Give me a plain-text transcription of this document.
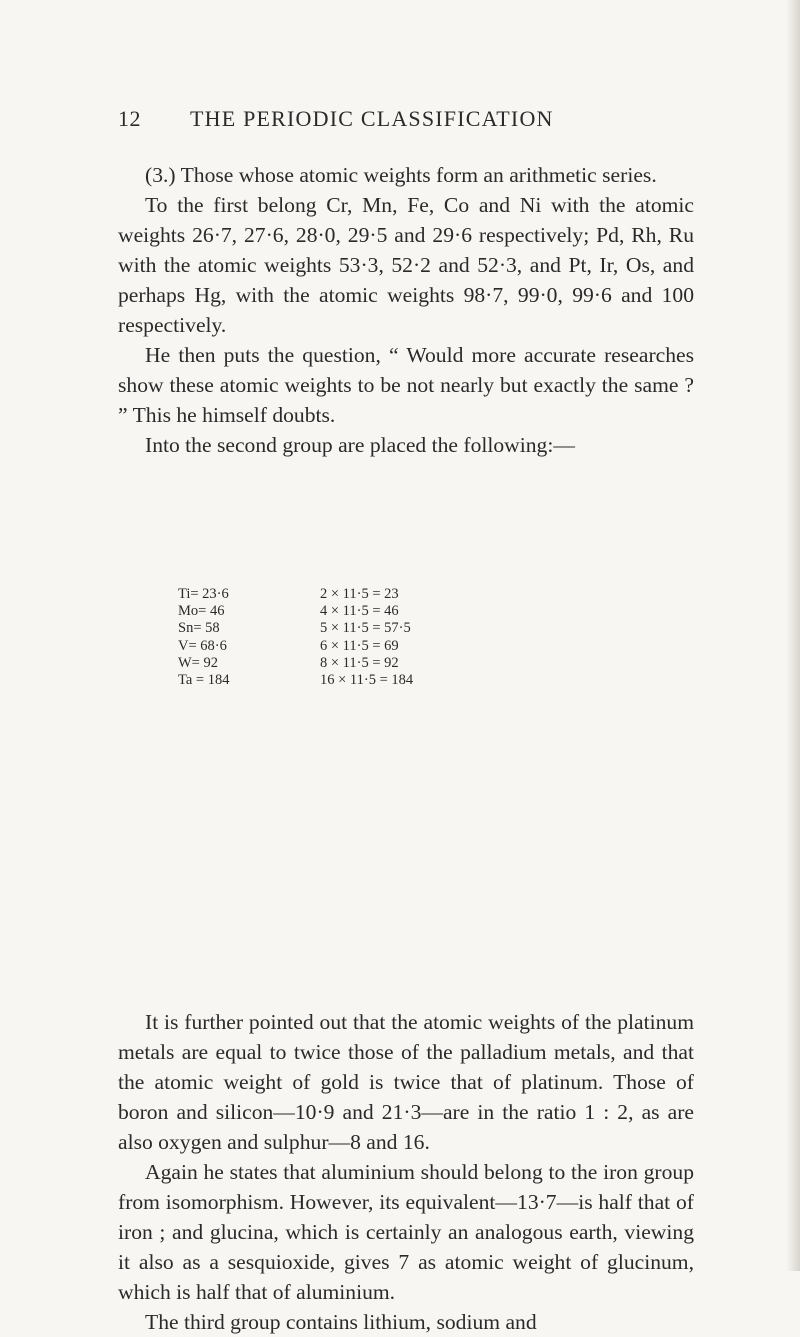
12 THE PERIODIC CLASSIFICATION

(3.) Those whose atomic weights form an arithmetic series.

To the first belong Cr, Mn, Fe, Co and Ni with the atomic weights 26·7, 27·6, 28·0, 29·5 and 29·6 respectively; Pd, Rh, Ru with the atomic weights 53·3, 52·2 and 52·3, and Pt, Ir, Os, and perhaps Hg, with the atomic weights 98·7, 99·0, 99·6 and 100 respectively.

He then puts the question, “ Would more accurate researches show these atomic weights to be not nearly but exactly the same ? ” This he himself doubts.

Into the second group are placed the following:—

Ti= 23·6	2 × 11·5 = 23
Mo= 46	4 × 11·5 = 46
Sn= 58	5 × 11·5 = 57·5
V= 68·6	6 × 11·5 = 69
W= 92	8 × 11·5 = 92
Ta = 184	16 × 11·5 = 184

It is further pointed out that the atomic weights of the platinum metals are equal to twice those of the palladium metals, and that the atomic weight of gold is twice that of platinum. Those of boron and silicon—10·9 and 21·3—are in the ratio 1 : 2, as are also oxygen and sulphur—8 and 16.

Again he states that aluminium should belong to the iron group from isomorphism. However, its equivalent—13·7—is half that of iron ; and glucina, which is certainly an analogous earth, viewing it also as a sesquioxide, gives 7 as atomic weight of glucinum, which is half that of aluminium.

The third group contains lithium, sodium and
